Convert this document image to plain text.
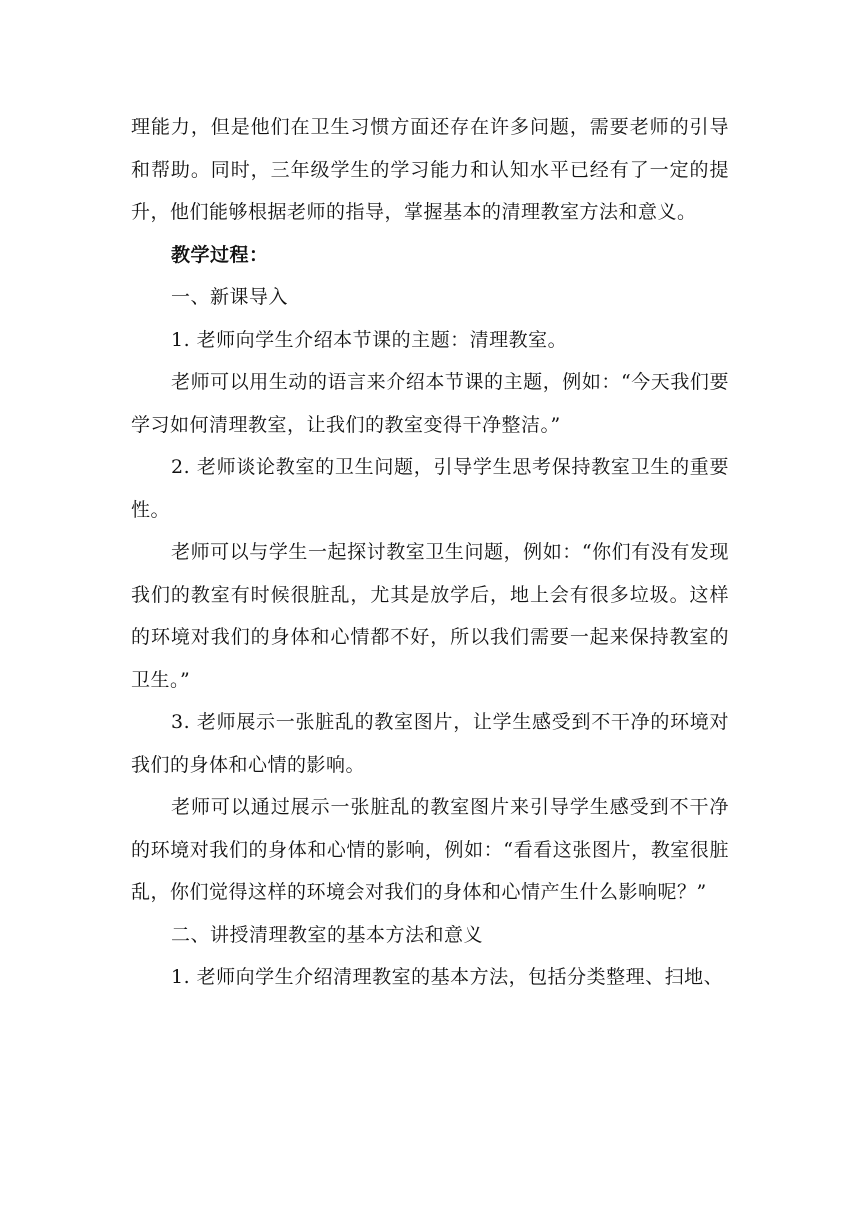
理能力，但是他们在卫生习惯方面还存在许多问题，需要老师的引导和帮助。同时，三年级学生的学习能力和认知水平已经有了一定的提升，他们能够根据老师的指导，掌握基本的清理教室方法和意义。

教学过程：

一、新课导入

1. 老师向学生介绍本节课的主题：清理教室。

老师可以用生动的语言来介绍本节课的主题，例如：“今天我们要学习如何清理教室，让我们的教室变得干净整洁。”

2. 老师谈论教室的卫生问题，引导学生思考保持教室卫生的重要性。

老师可以与学生一起探讨教室卫生问题，例如：“你们有没有发现我们的教室有时候很脏乱，尤其是放学后，地上会有很多垃圾。这样的环境对我们的身体和心情都不好，所以我们需要一起来保持教室的卫生。”

3. 老师展示一张脏乱的教室图片，让学生感受到不干净的环境对我们的身体和心情的影响。

老师可以通过展示一张脏乱的教室图片来引导学生感受到不干净的环境对我们的身体和心情的影响，例如：“看看这张图片，教室很脏乱，你们觉得这样的环境会对我们的身体和心情产生什么影响呢？”

二、讲授清理教室的基本方法和意义

1. 老师向学生介绍清理教室的基本方法，包括分类整理、扫地、
